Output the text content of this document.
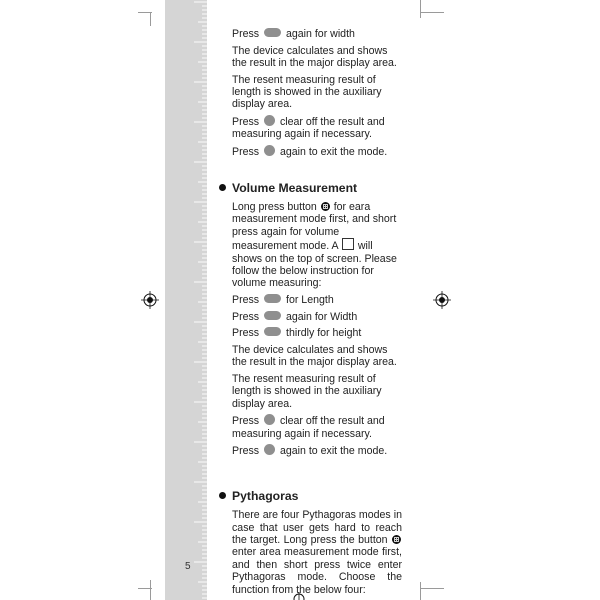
5

Press	again for width

The device calculates and shows the result in the major display area.

The resent measuring result of length is showed in the auxiliary display area.

Press clear off the result and measuring again if necessary.

Press again to exit the mode.

Volume Measurement

Long press button for eara measurement mode first, and short press again for volume measurement mode. A will shows on the top of screen. Please follow the below instruction for volume measuring:

Press	for Length

Press	again for Width

Press	thirdly for height

The device calculates and shows the result in the major display area.

The resent measuring result of length is showed in the auxiliary display area.

Press clear off the result and measuring again if necessary.

Press again to exit the mode.

Pythagoras

There are four Pythagoras modes in case that user gets hard to reach the target. Long press the button  enter area measurement mode first, and then short press twice enter Pythagoras mode. Choose the function from the below four:
